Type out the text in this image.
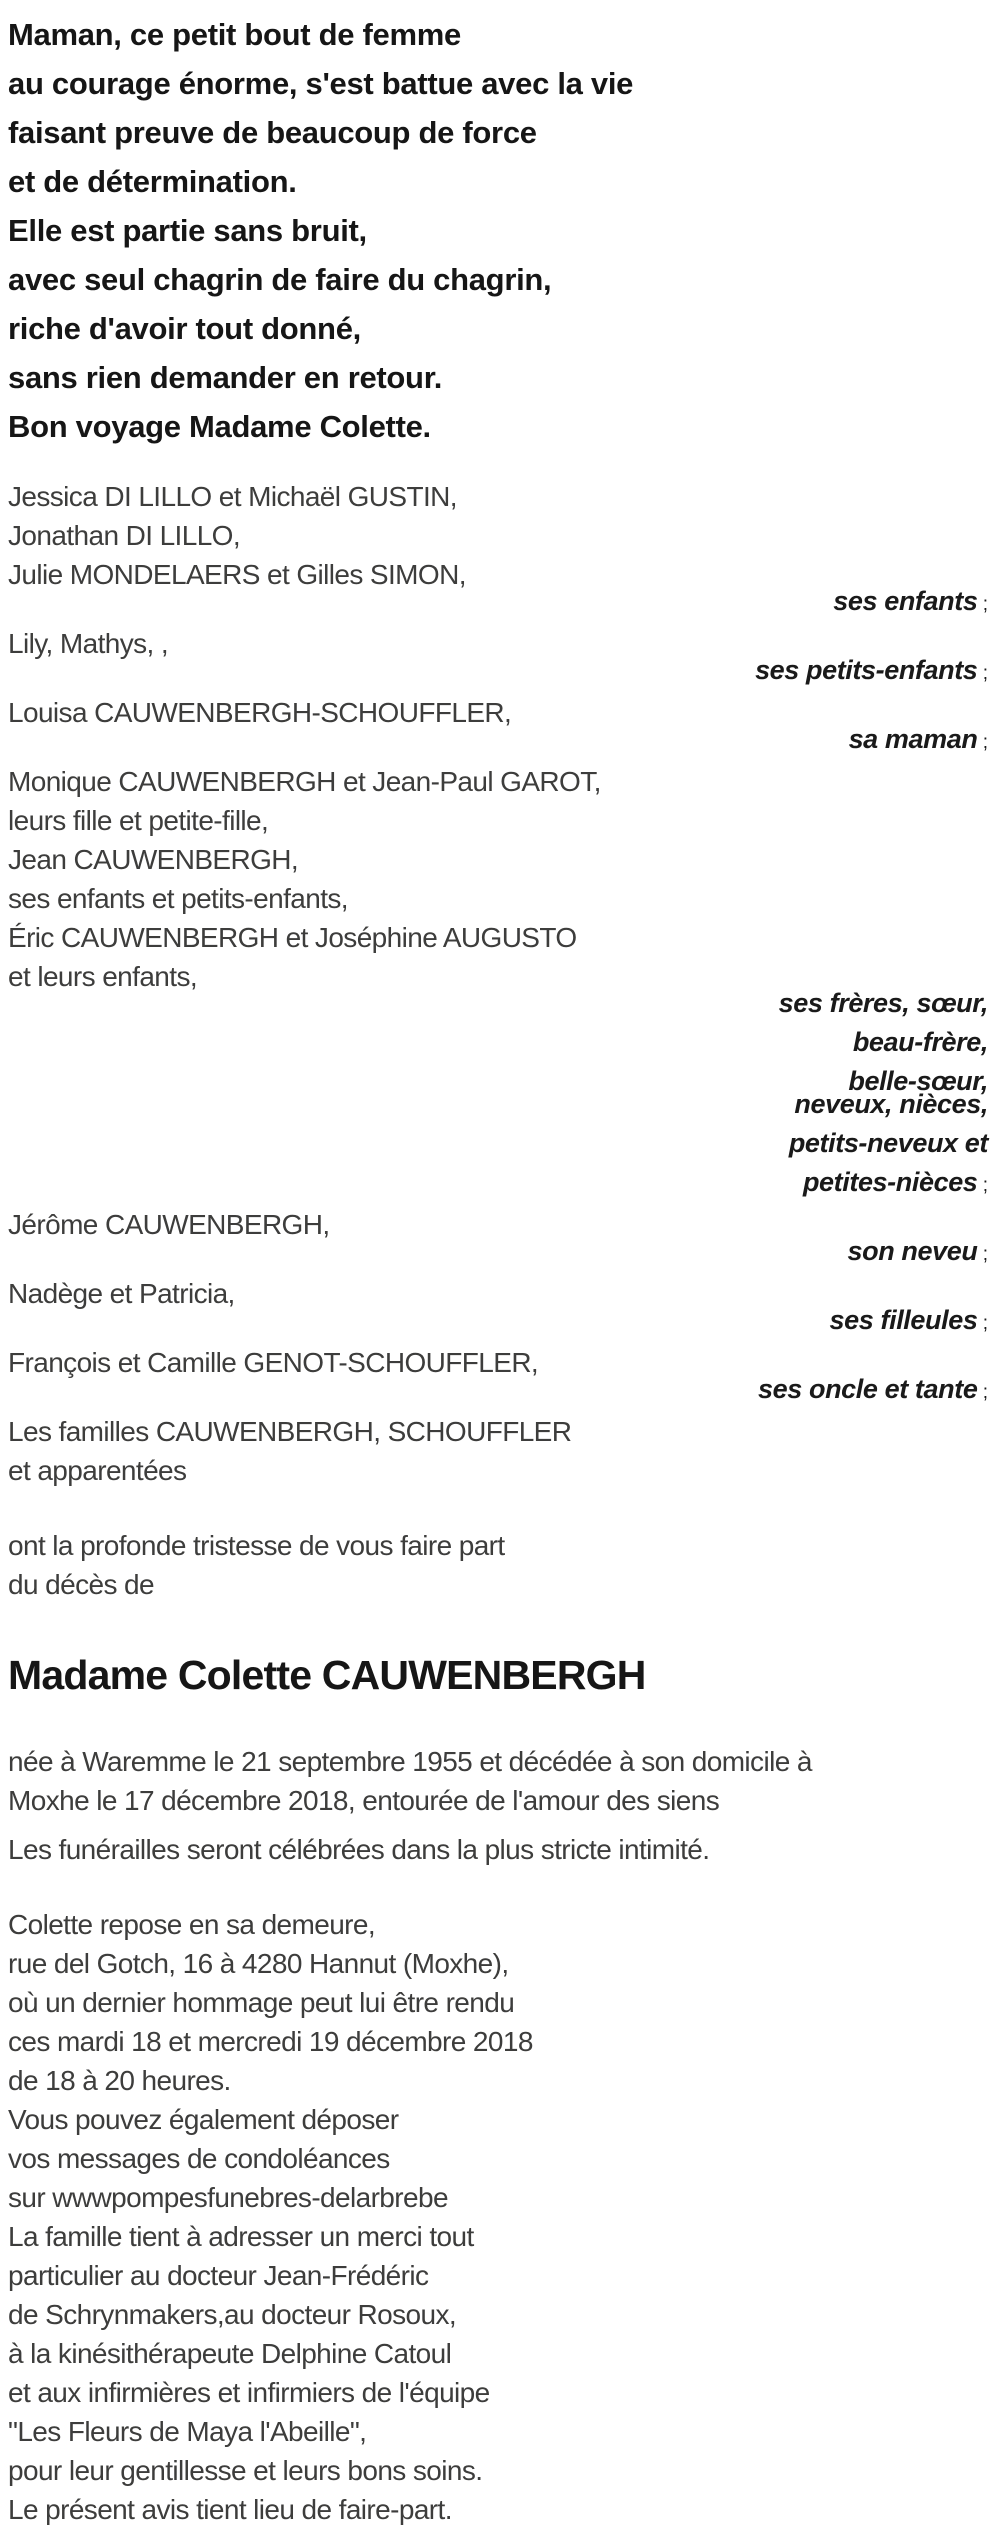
Maman, ce petit bout de femme
au courage énorme, s'est battue avec la vie
faisant preuve de beaucoup de force
et de détermination.
Elle est partie sans bruit,
avec seul chagrin de faire du chagrin,
riche d'avoir tout donné,
sans rien demander en retour.
Bon voyage Madame Colette.
Jessica DI LILLO et Michaël GUSTIN,
Jonathan DI LILLO,
Julie MONDELAERS et Gilles SIMON,
ses enfants ;
Lily, Mathys, ,
ses petits-enfants ;
Louisa CAUWENBERGH-SCHOUFFLER,
sa maman ;
Monique CAUWENBERGH et Jean-Paul GAROT,
leurs fille et petite-fille,
Jean CAUWENBERGH,
ses enfants et petits-enfants,
Éric CAUWENBERGH et Joséphine AUGUSTO
et leurs enfants,
ses frères, sœur,
beau-frère,
belle-sœur,
neveux, nièces,
petits-neveux et
petites-nièces ;
Jérôme CAUWENBERGH,
son neveu ;
Nadège et Patricia,
ses filleules ;
François et Camille GENOT-SCHOUFFLER,
ses oncle et tante ;
Les familles CAUWENBERGH, SCHOUFFLER
et apparentées
ont la profonde tristesse de vous faire part
du décès de
Madame Colette CAUWENBERGH
née à Waremme le 21 septembre 1955 et décédée à son domicile à
Moxhe le 17 décembre 2018, entourée de l'amour des siens
Les funérailles seront célébrées dans la plus stricte intimité.
Colette repose en sa demeure,
rue del Gotch, 16 à 4280 Hannut (Moxhe),
où un dernier hommage peut lui être rendu
ces mardi 18 et mercredi 19 décembre 2018
de 18 à 20 heures.
Vous pouvez également déposer
vos messages de condoléances
sur wwwpompesfunebres-delarbrebe
La famille tient à adresser un merci tout
particulier au docteur Jean-Frédéric
de Schrynmakers,au docteur Rosoux,
à la kinésithérapeute Delphine Catoul
et aux infirmières et infirmiers de l'équipe
"Les Fleurs de Maya l'Abeille",
pour leur gentillesse et leurs bons soins.
Le présent avis tient lieu de faire-part.
